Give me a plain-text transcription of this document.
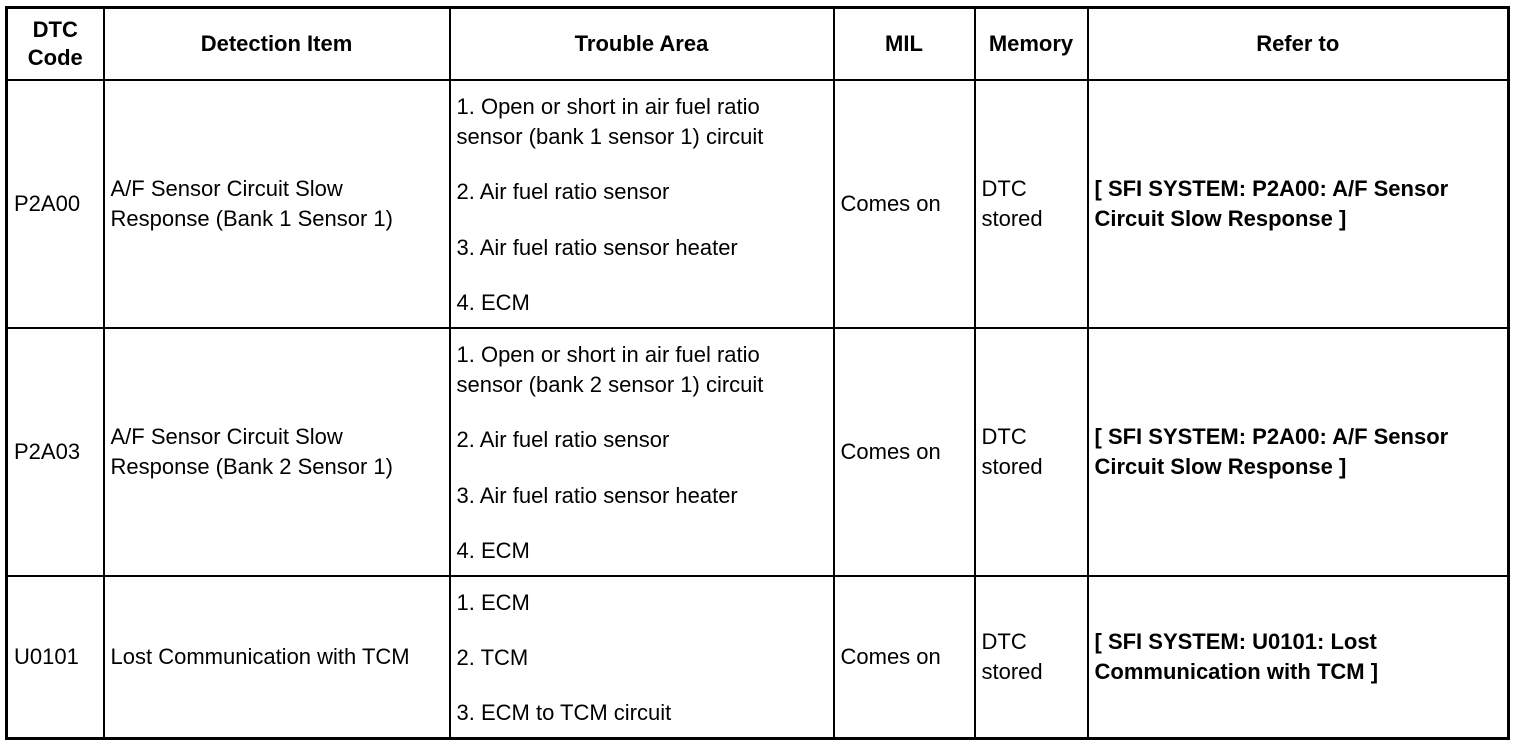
DTC Code	Detection Item	Trouble Area	MIL	Memory	Refer to
P2A00	A/F Sensor Circuit Slow Response (Bank 1 Sensor 1)	1. Open or short in air fuel ratio sensor (bank 1 sensor 1) circuit
2. Air fuel ratio sensor
3. Air fuel ratio sensor heater
4. ECM	Comes on	DTC stored	[ SFI SYSTEM: P2A00: A/F Sensor Circuit Slow Response ]
P2A03	A/F Sensor Circuit Slow Response (Bank 2 Sensor 1)	1. Open or short in air fuel ratio sensor (bank 2 sensor 1) circuit
2. Air fuel ratio sensor
3. Air fuel ratio sensor heater
4. ECM	Comes on	DTC stored	[ SFI SYSTEM: P2A00: A/F Sensor Circuit Slow Response ]
U0101	Lost Communication with TCM	1. ECM
2. TCM
3. ECM to TCM circuit	Comes on	DTC stored	[ SFI SYSTEM: U0101: Lost Communication with TCM ]
